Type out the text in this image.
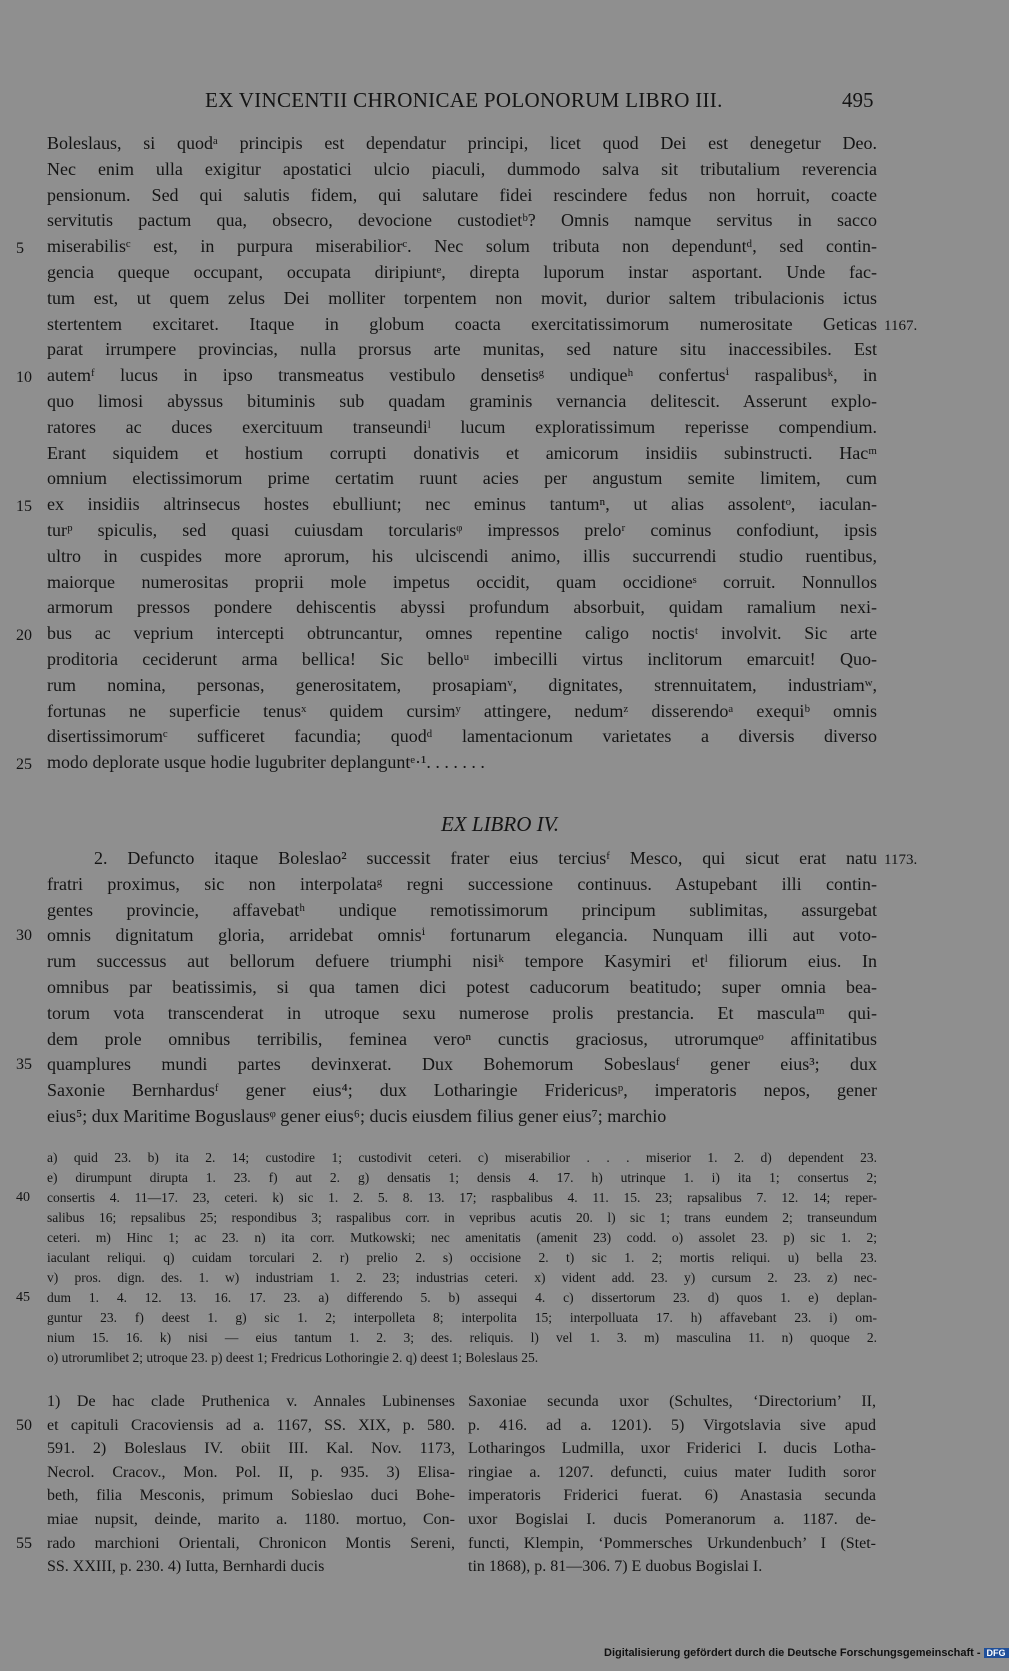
EX VINCENTII CHRONICAE POLONORUM LIBRO III.	495
Boleslaus, si quodᵃ principis est dependatur principi, licet quod Dei est denegetur Deo.
Nec enim ulla exigitur apostatici ulcio piaculi, dummodo salva sit tributalium reverencia
pensionum. Sed qui salutis fidem, qui salutare fidei rescindere fedus non horruit, coacte
servitutis pactum qua, obsecro, devocione custodietᵇ? Omnis namque servitus in sacco
miserabilisᶜ est, in purpura miserabiliorᶜ. Nec solum tributa non dependuntᵈ, sed contin-
gencia queque occupant, occupata diripiuntᵉ, direpta luporum instar asportant. Unde fac-
tum est, ut quem zelus Dei molliter torpentem non movit, durior saltem tribulacionis ictus
stertentem excitaret. Itaque in globum coacta exercitatissimorum numerositate Geticas
parat irrumpere provincias, nulla prorsus arte munitas, sed nature situ inaccessibiles. Est
autemᶠ lucus in ipso transmeatus vestibulo densetisᵍ undiqueʰ confertusⁱ raspalibusᵏ, in
quo limosi abyssus bituminis sub quadam graminis vernancia delitescit. Asserunt explo-
ratores ac duces exercituum transeundiˡ lucum exploratissimum reperisse compendium.
Erant siquidem et hostium corrupti donativis et amicorum insidiis subinstructi. Hacᵐ
omnium electissimorum prime certatim ruunt acies per angustum semite limitem, cum
ex insidiis altrinsecus hostes ebulliunt; nec eminus tantumⁿ, ut alias assolentᵒ, iaculan-
turᵖ spiculis, sed quasi cuiusdam torcularisᵠ impressos preloʳ cominus confodiunt, ipsis
ultro in cuspides more aprorum, his ulciscendi animo, illis succurrendi studio ruentibus,
maiorque numerositas proprii mole impetus occidit, quam occidioneˢ corruit. Nonnullos
armorum pressos pondere dehiscentis abyssi profundum absorbuit, quidam ramalium nexi-
bus ac veprium intercepti obtruncantur, omnes repentine caligo noctisᵗ involvit. Sic arte
proditoria ceciderunt arma bellica! Sic belloᵘ imbecilli virtus inclitorum emarcuit! Quo-
rum nomina, personas, generositatem, prosapiamᵛ, dignitates, strennuitatem, industriamʷ,
fortunas ne superficie tenusˣ quidem cursimʸ attingere, nedumᶻ disserendoᵃ exequiᵇ omnis
disertissimorumᶜ sufficeret facundia; quodᵈ lamentacionum varietates a diversis diverso
modo deplorate usque hodie lugubriter deplanguntᵉ·¹. . . . . . .
5
10
15
20
25
1167.
EX LIBRO IV.
2. Defuncto itaque Boleslao² successit frater eius terciusᶠ Mesco, qui sicut erat natu
fratri proximus, sic non interpolataᵍ regni successione continuus. Astupebant illi contin-
gentes provincie, affavebatʰ undique remotissimorum principum sublimitas, assurgebat
omnis dignitatum gloria, arridebat omnisⁱ fortunarum elegancia. Nunquam illi aut voto-
rum successus aut bellorum defuere triumphi nisiᵏ tempore Kasymiri etˡ filiorum eius. In
omnibus par beatissimis, si qua tamen dici potest caducorum beatitudo; super omnia bea-
torum vota transcenderat in utroque sexu numerose prolis prestancia. Et masculaᵐ qui-
dem prole omnibus terribilis, feminea veroⁿ cunctis graciosus, utrorumqueᵒ affinitatibus
quamplures mundi partes devinxerat. Dux Bohemorum Sobeslausᶠ gener eius³; dux
Saxonie Bernhardusᶠ gener eius⁴; dux Lotharingie Fridericusᵖ, imperatoris nepos, gener
eius⁵; dux Maritime Boguslausᵠ gener eius⁶; ducis eiusdem filius gener eius⁷; marchio
30
35
1173.
a) quid 23. b) ita 2. 14; custodire 1; custodivit ceteri. c) miserabilior . . . miserior 1. 2. d) dependent 23.
e) dirumpunt dirupta 1. 23. f) aut 2. g) densatis 1; densis 4. 17. h) utrinque 1. i) ita 1; consertus 2;
consertis 4. 11—17. 23, ceteri. k) sic 1. 2. 5. 8. 13. 17; raspbalibus 4. 11. 15. 23; rapsalibus 7. 12. 14; reper-
salibus 16; repsalibus 25; respondibus 3; raspalibus corr. in vepribus acutis 20. l) sic 1; trans eundem 2; transeundum
ceteri. m) Hinc 1; ac 23. n) ita corr. Mutkowski; nec amenitatis (amenit 23) codd. o) assolet 23. p) sic 1. 2;
iaculant reliqui. q) cuidam torculari 2. r) prelio 2. s) occisione 2. t) sic 1. 2; mortis reliqui. u) bella 23.
v) pros. dign. des. 1. w) industriam 1. 2. 23; industrias ceteri. x) vident add. 23. y) cursum 2. 23. z) nec-
dum 1. 4. 12. 13. 16. 17. 23. a) differendo 5. b) assequi 4. c) dissertorum 23. d) quos 1. e) deplan-
guntur 23. f) deest 1. g) sic 1. 2; interpolleta 8; interpolita 15; interpolluata 17. h) affavebant 23. i) om-
nium 15. 16. k) nisi — eius tantum 1. 2. 3; des. reliquis. l) vel 1. 3. m) masculina 11. n) quoque 2.
o) utrorumlibet 2; utroque 23. p) deest 1; Fredricus Lothoringie 2. q) deest 1; Boleslaus 25.
40
45
1) De hac clade Pruthenica v. Annales Lubinenses
et capituli Cracoviensis ad a. 1167, SS. XIX, p. 580.
591. 2) Boleslaus IV. obiit III. Kal. Nov. 1173,
Necrol. Cracov., Mon. Pol. II, p. 935. 3) Elisa-
beth, filia Mesconis, primum Sobieslao duci Bohe-
miae nupsit, deinde, marito a. 1180. mortuo, Con-
rado marchioni Orientali, Chronicon Montis Sereni,
SS. XXIII, p. 230. 4) Iutta, Bernhardi ducis
Saxoniae secunda uxor (Schultes, ‘Directorium’ II,
p. 416. ad a. 1201). 5) Virgotslavia sive apud
Lotharingos Ludmilla, uxor Friderici I. ducis Lotha-
ringiae a. 1207. defuncti, cuius mater Iudith soror
imperatoris Friderici fuerat. 6) Anastasia secunda
uxor Bogislai I. ducis Pomeranorum a. 1187. de-
functi, Klempin, ‘Pommersches Urkundenbuch’ I (Stet-
tin 1868), p. 81—306. 7) E duobus Bogislai I.
50
55
Digitalisierung gefördert durch die Deutsche Forschungsgemeinschaft - DFG
